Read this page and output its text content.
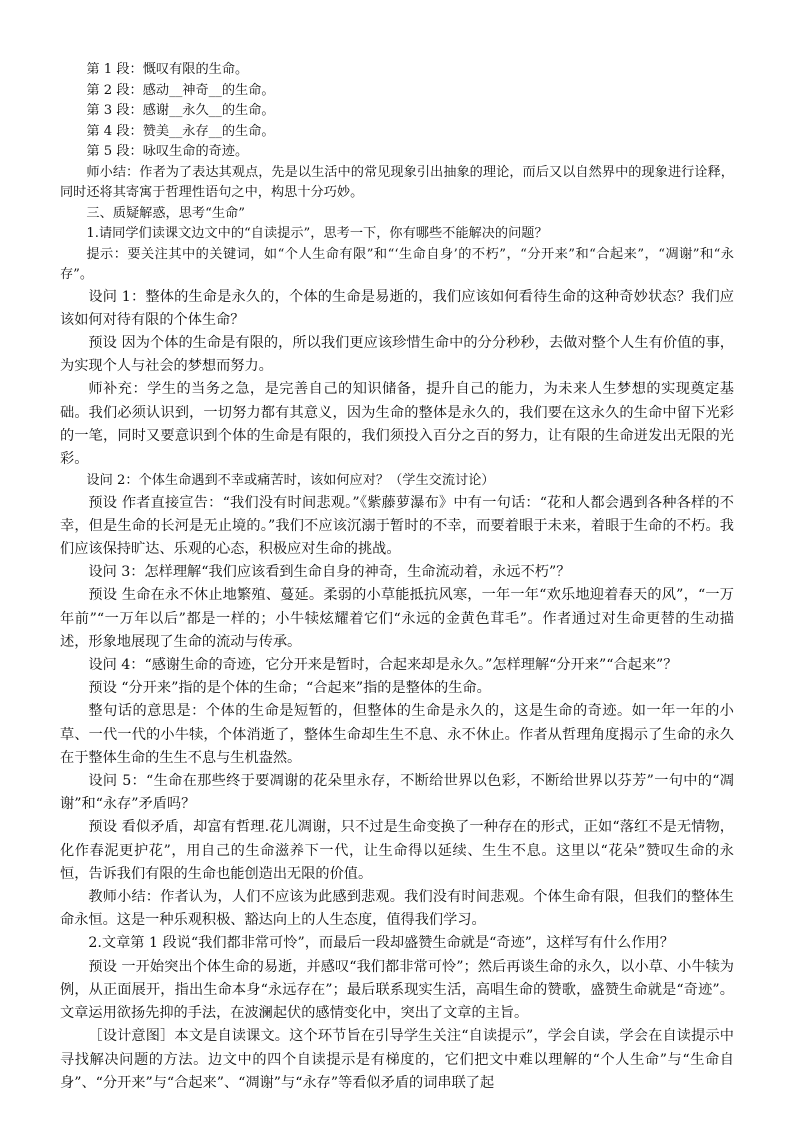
第 1 段：慨叹有限的生命。

第 2 段：感动__神奇__的生命。

第 3 段：感谢__永久__的生命。

第 4 段：赞美__永存__的生命。

第 5 段：咏叹生命的奇迹。

师小结：作者为了表达其观点，先是以生活中的常见现象引出抽象的理论，而后又以自然界中的现象进行诠释，同时还将其寄寓于哲理性语句之中，构思十分巧妙。

三、质疑解惑，思考“生命”

1.请同学们读课文边文中的“自读提示”，思考一下，你有哪些不能解决的问题？

提示：要关注其中的关键词，如“个人生命有限”和“‘生命自身’的不朽”，“分开来”和“合起来”，“凋谢”和“永存”。

设问 1：整体的生命是永久的，个体的生命是易逝的，我们应该如何看待生命的这种奇妙状态？我们应该如何对待有限的个体生命？

预设 因为个体的生命是有限的，所以我们更应该珍惜生命中的分分秒秒，去做对整个人生有价值的事，为实现个人与社会的梦想而努力。

师补充：学生的当务之急，是完善自己的知识储备，提升自己的能力，为未来人生梦想的实现奠定基础。我们必须认识到，一切努力都有其意义，因为生命的整体是永久的，我们要在这永久的生命中留下光彩的一笔，同时又要意识到个体的生命是有限的，我们须投入百分之百的努力，让有限的生命迸发出无限的光彩。

设问 2：个体生命遇到不幸或痛苦时，该如何应对？（学生交流讨论）

预设 作者直接宣告：“我们没有时间悲观。”《紫藤萝瀑布》中有一句话：“花和人都会遇到各种各样的不幸，但是生命的长河是无止境的。”我们不应该沉溺于暂时的不幸，而要着眼于未来，着眼于生命的不朽。我们应该保持旷达、乐观的心态，积极应对生命的挑战。

设问 3：怎样理解“我们应该看到生命自身的神奇，生命流动着，永远不朽”？

预设 生命在永不休止地繁殖、蔓延。柔弱的小草能抵抗风寒，一年一年“欢乐地迎着春天的风”，“一万年前”“一万年以后”都是一样的；小牛犊炫耀着它们“永远的金黄色茸毛”。作者通过对生命更替的生动描述，形象地展现了生命的流动与传承。

设问 4：“感谢生命的奇迹，它分开来是暂时，合起来却是永久。”怎样理解“分开来”“合起来”？

预设 “分开来”指的是个体的生命；“合起来”指的是整体的生命。

整句话的意思是：个体的生命是短暂的，但整体的生命是永久的，这是生命的奇迹。如一年一年的小草、一代一代的小牛犊，个体消逝了，整体生命却生生不息、永不休止。作者从哲理角度揭示了生命的永久在于整体生命的生生不息与生机盎然。

设问 5：“生命在那些终于要凋谢的花朵里永存，不断给世界以色彩，不断给世界以芬芳”一句中的“凋谢”和“永存”矛盾吗？

预设 看似矛盾，却富有哲理.花儿凋谢，只不过是生命变换了一种存在的形式，正如“落红不是无情物，化作春泥更护花”，用自己的生命滋养下一代，让生命得以延续、生生不息。这里以“花朵”赞叹生命的永恒，告诉我们有限的生命也能创造出无限的价值。

教师小结：作者认为，人们不应该为此感到悲观。我们没有时间悲观。个体生命有限，但我们的整体生命永恒。这是一种乐观积极、豁达向上的人生态度，值得我们学习。

2.文章第 1 段说“我们都非常可怜”，而最后一段却盛赞生命就是“奇迹”，这样写有什么作用？

预设 一开始突出个体生命的易逝，并感叹“我们都非常可怜”；然后再谈生命的永久，以小草、小牛犊为例，从正面展开，指出生命本身“永远存在”；最后联系现实生活，高唱生命的赞歌，盛赞生命就是“奇迹”。文章运用欲扬先抑的手法，在波澜起伏的感情变化中，突出了文章的主旨。

［设计意图］本文是自读课文。这个环节旨在引导学生关注“自读提示”，学会自读，学会在自读提示中寻找解决问题的方法。边文中的四个自读提示是有梯度的，它们把文中难以理解的“个人生命”与“生命自身”、“分开来”与“合起来”、“凋谢”与“永存”等看似矛盾的词串联了起
